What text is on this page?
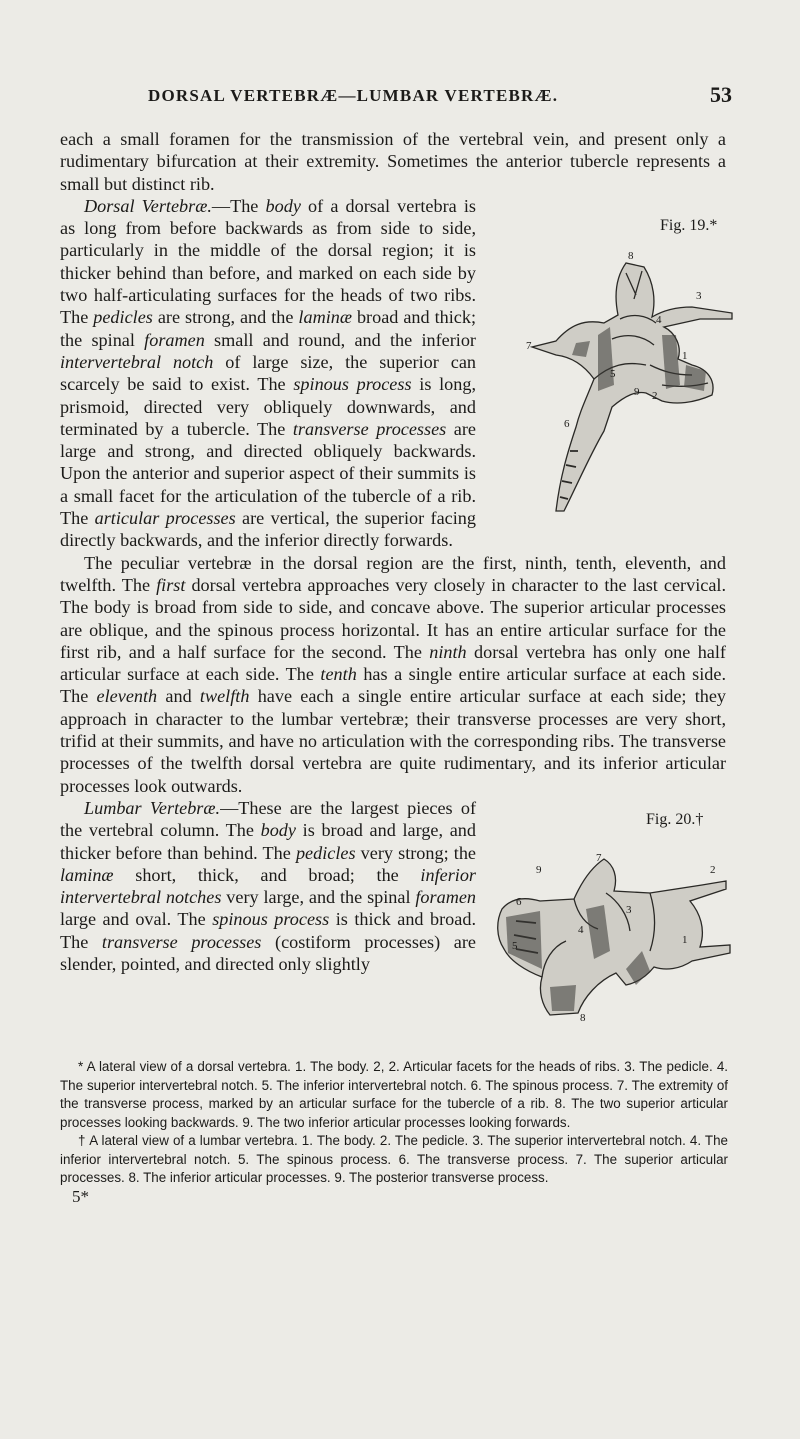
DORSAL VERTEBRÆ—LUMBAR VERTEBRÆ.	53

each a small foramen for the transmission of the vertebral vein, and present only a rudimentary bifurcation at their extremity. Sometimes the anterior tubercle represents a small but distinct rib.

Fig. 19.*
8
3
7
4
5
1
9 2
6
Dorsal Vertebræ.—The body of a dorsal vertebra is as long from before backwards as from side to side, particularly in the middle of the dorsal region; it is thicker behind than before, and marked on each side by two half-articulating surfaces for the heads of two ribs. The pedicles are strong, and the laminæ broad and thick; the spinal foramen small and round, and the inferior intervertebral notch of large size, the superior can scarcely be said to exist. The spinous process is long, prismoid, directed very obliquely downwards, and terminated by a tubercle. The transverse processes are large and strong, and directed obliquely backwards. Upon the anterior and superior aspect of their summits is a small facet for the articulation of the tubercle of a rib. The articular processes are vertical, the superior facing directly backwards, and the inferior directly forwards.

The peculiar vertebræ in the dorsal region are the first, ninth, tenth, eleventh, and twelfth. The first dorsal vertebra approaches very closely in character to the last cervical. The body is broad from side to side, and concave above. The superior articular processes are oblique, and the spinous process horizontal. It has an entire articular surface for the first rib, and a half surface for the second. The ninth dorsal vertebra has only one half articular surface at each side. The tenth has a single entire articular surface at each side. The eleventh and twelfth have each a single entire articular surface at each side; they approach in character to the lumbar vertebræ; their transverse processes are very short, trifid at their summits, and have no articulation with the corresponding ribs. The transverse processes of the twelfth dorsal vertebra are quite rudimentary, and its inferior articular processes look outwards.

Fig. 20.†
9
7
2
6
4
3
1
5
8
Lumbar Vertebræ.—These are the largest pieces of the vertebral column. The body is broad and large, and thicker before than behind. The pedicles very strong; the laminæ short, thick, and broad; the inferior intervertebral notches very large, and the spinal foramen large and oval. The spinous process is thick and broad. The transverse processes (costiform processes) are slender, pointed, and directed only slightly

* A lateral view of a dorsal vertebra. 1. The body. 2, 2. Articular facets for the heads of ribs. 3. The pedicle. 4. The superior intervertebral notch. 5. The inferior intervertebral notch. 6. The spinous process. 7. The extremity of the transverse process, marked by an articular surface for the tubercle of a rib. 8. The two superior articular processes looking backwards. 9. The two inferior articular processes looking forwards.

† A lateral view of a lumbar vertebra. 1. The body. 2. The pedicle. 3. The superior intervertebral notch. 4. The inferior intervertebral notch. 5. The spinous process. 6. The transverse process. 7. The superior articular processes. 8. The inferior articular processes. 9. The posterior transverse process.

5*
